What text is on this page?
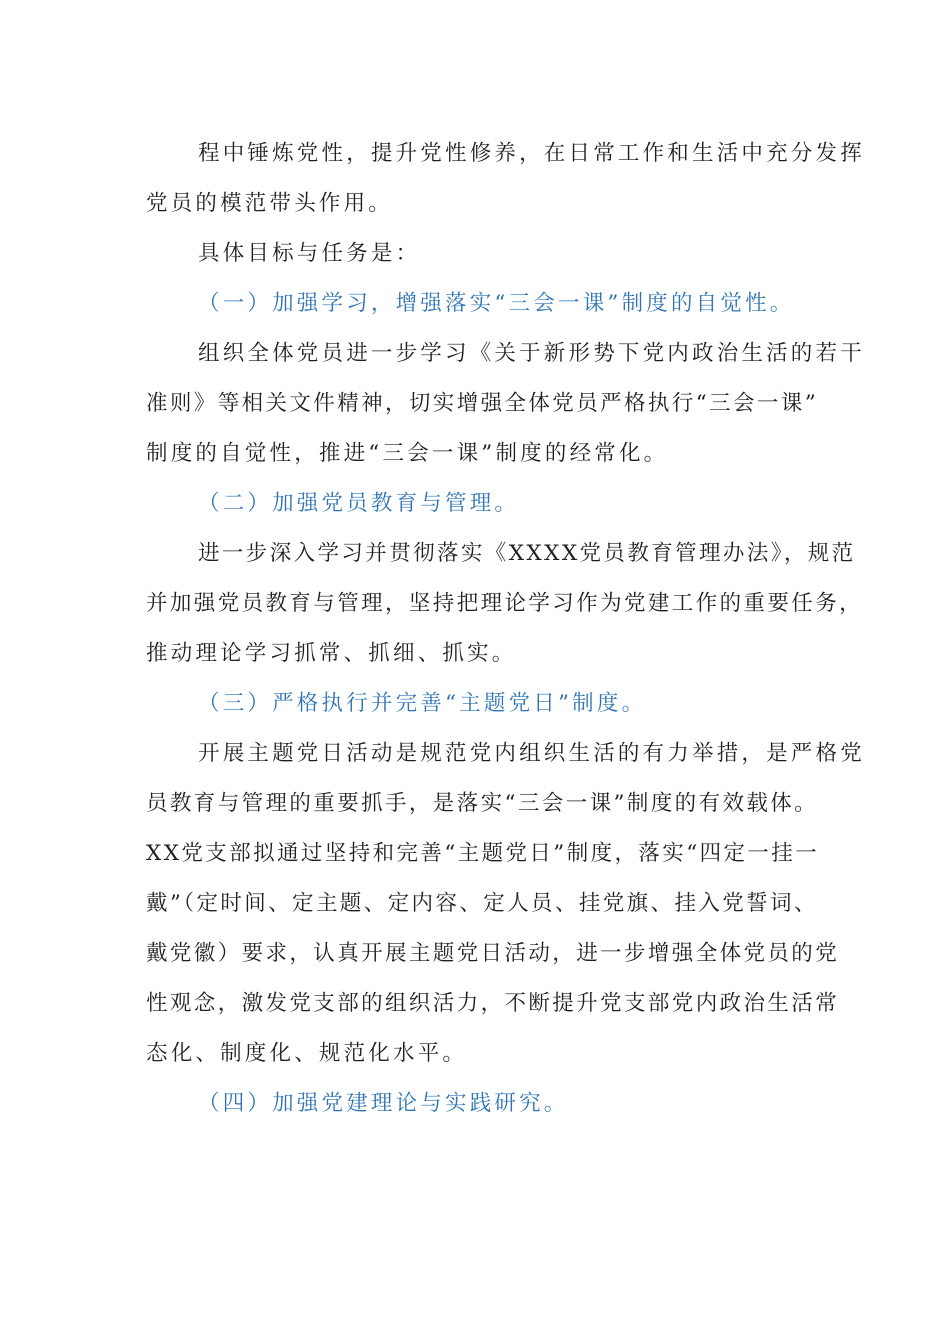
程中锤炼党性，提升党性修养，在日常工作和生活中充分发挥
党员的模范带头作用。
具体目标与任务是：
（一）加强学习，增强落实“三会一课”制度的自觉性。
组织全体党员进一步学习《关于新形势下党内政治生活的若干
准则》等相关文件精神，切实增强全体党员严格执行“三会一课”
制度的自觉性，推进“三会一课”制度的经常化。
（二）加强党员教育与管理。
进一步深入学习并贯彻落实《XXXX党员教育管理办法》，规范
并加强党员教育与管理，坚持把理论学习作为党建工作的重要任务，
推动理论学习抓常、抓细、抓实。
（三）严格执行并完善“主题党日”制度。
开展主题党日活动是规范党内组织生活的有力举措，是严格党
员教育与管理的重要抓手，是落实“三会一课”制度的有效载体。
XX党支部拟通过坚持和完善“主题党日”制度，落实“四定一挂一
戴”（定时间、定主题、定内容、定人员、挂党旗、挂入党誓词、
戴党徽）要求，认真开展主题党日活动，进一步增强全体党员的党
性观念，激发党支部的组织活力，不断提升党支部党内政治生活常
态化、制度化、规范化水平。
（四）加强党建理论与实践研究。
